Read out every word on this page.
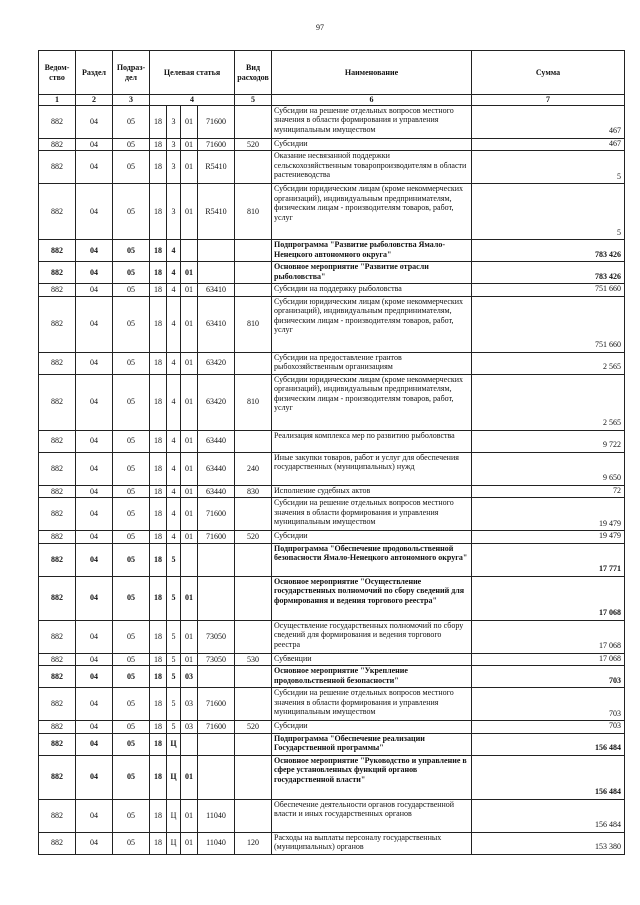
97
Ведом-ство	Раздел	Подраз-дел	Целевая статья				Вид расходов	Наименование	Сумма
1	2	3	4				5	6	7
882	04	05	18	3	01	71600		Субсидии на решение отдельных вопросов местного значения в области формирования и управления муниципальным имуществом	467
882	04	05	18	3	01	71600	520	Субсидии	467
882	04	05	18	3	01	R5410		Оказание несвязанной поддержки сельскохозяйственным товаропроизводителям в области растениеводства	5
882	04	05	18	3	01	R5410	810	Субсидии юридическим лицам (кроме некоммерческих организаций), индивидуальным предпринимателям, физическим лицам - производителям товаров, работ, услуг	5
882	04	05	18	4				Подпрограмма "Развитие рыболовства Ямало-Ненецкого автономного округа"	783 426
882	04	05	18	4	01			Основное мероприятие "Развитие отрасли рыболовства"	783 426
882	04	05	18	4	01	63410		Субсидии на поддержку рыболовства	751 660
882	04	05	18	4	01	63410	810	Субсидии юридическим лицам (кроме некоммерческих организаций), индивидуальным предпринимателям, физическим лицам - производителям товаров, работ, услуг	751 660
882	04	05	18	4	01	63420		Субсидии на предоставление грантов рыбохозяйственным организациям	2 565
882	04	05	18	4	01	63420	810	Субсидии юридическим лицам (кроме некоммерческих организаций), индивидуальным предпринимателям, физическим лицам - производителям товаров, работ, услуг	2 565
882	04	05	18	4	01	63440		Реализация комплекса мер по развитию рыболовства	9 722
882	04	05	18	4	01	63440	240	Иные закупки товаров, работ и услуг для обеспечения государственных (муниципальных) нужд	9 650
882	04	05	18	4	01	63440	830	Исполнение судебных актов	72
882	04	05	18	4	01	71600		Субсидии на решение отдельных вопросов местного значения в области формирования и управления муниципальным имуществом	19 479
882	04	05	18	4	01	71600	520	Субсидии	19 479
882	04	05	18	5				Подпрограмма "Обеспечение продовольственной безопасности Ямало-Ненецкого автономного округа"	17 771
882	04	05	18	5	01			Основное мероприятие "Осуществление государственных полномочий по сбору сведений для формирования и ведения торгового реестра"	17 068
882	04	05	18	5	01	73050		Осуществление государственных полномочий по сбору сведений для формирования и ведения торгового реестра	17 068
882	04	05	18	5	01	73050	530	Субвенции	17 068
882	04	05	18	5	03			Основное мероприятие "Укрепление продовольственной безопасности"	703
882	04	05	18	5	03	71600		Субсидии на решение отдельных вопросов местного значения в области формирования и управления муниципальным имуществом	703
882	04	05	18	5	03	71600	520	Субсидии	703
882	04	05	18	Ц				Подпрограмма "Обеспечение реализации Государственной программы"	156 484
882	04	05	18	Ц	01			Основное мероприятие "Руководство и управление в сфере установленных функций органов государственной власти"	156 484
882	04	05	18	Ц	01	11040		Обеспечение деятельности органов государственной власти и иных государственных органов	156 484
882	04	05	18	Ц	01	11040	120	Расходы на выплаты персоналу государственных (муниципальных) органов	153 380
